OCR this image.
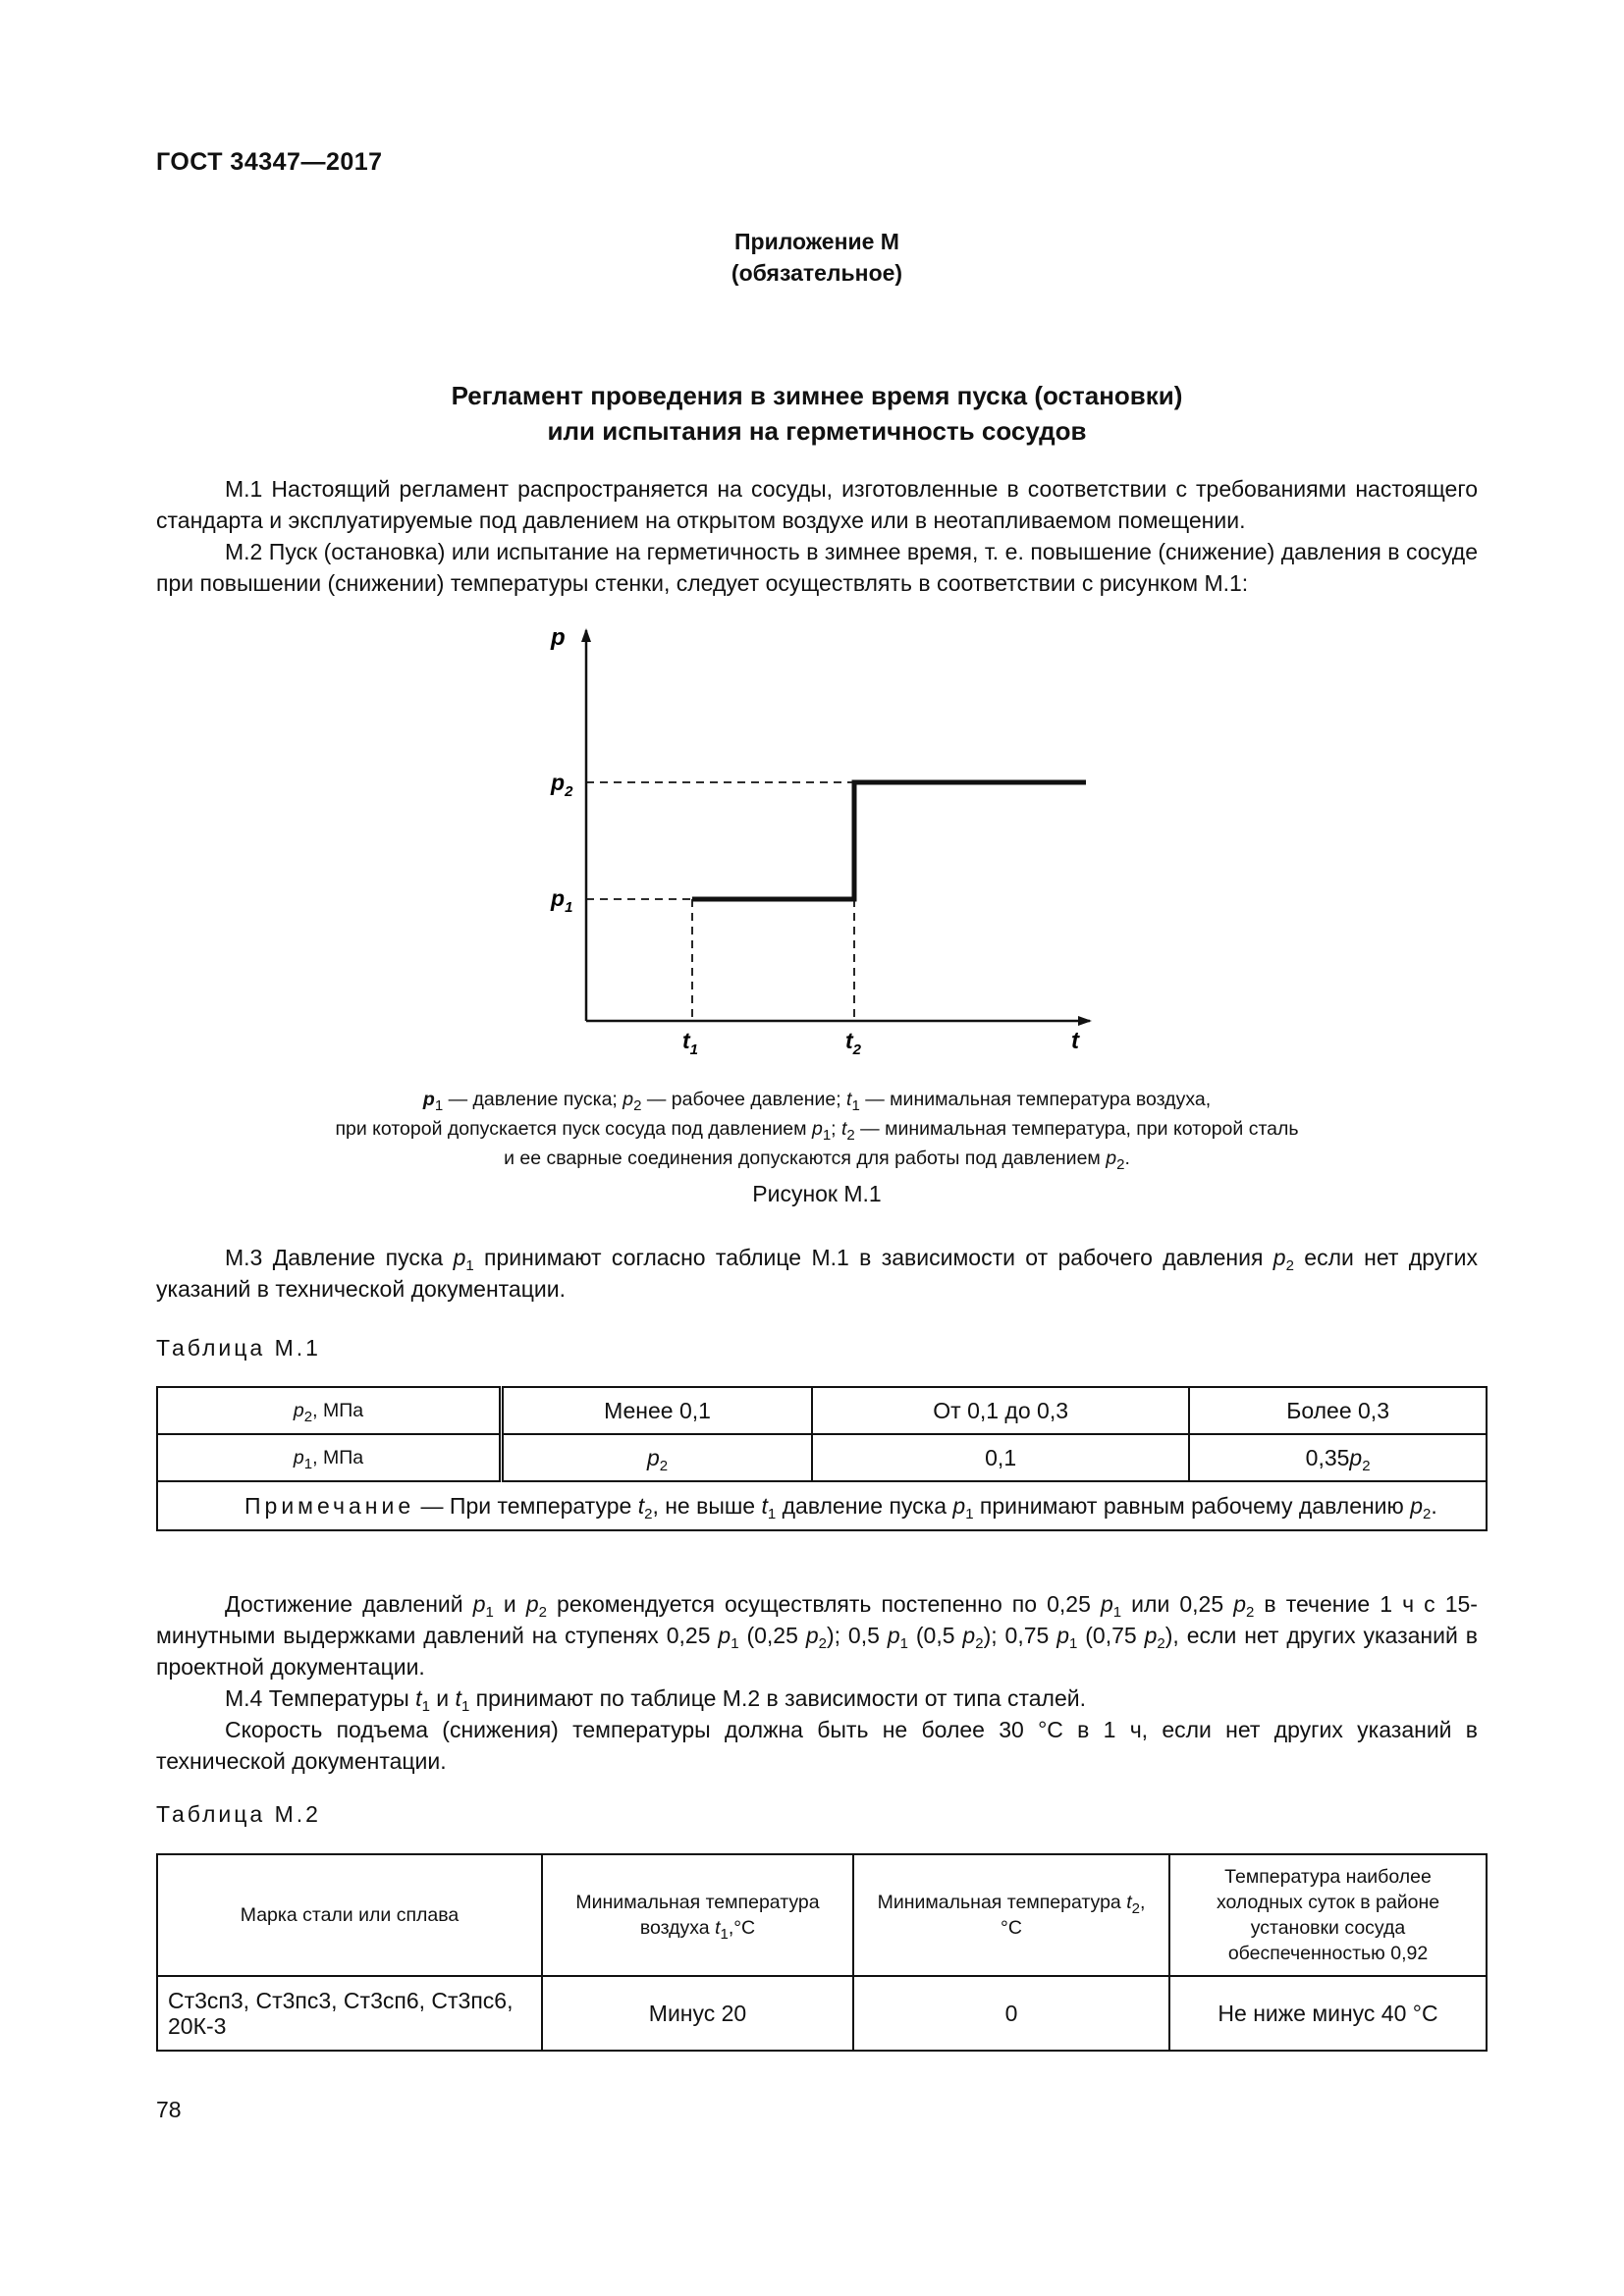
ГОСТ 34347—2017
Приложение М
(обязательное)
Регламент проведения в зимнее время пуска (остановки)
или испытания на герметичность сосудов

М.1 Настоящий регламент распространяется на сосуды, изготовленные в соответствии с требованиями настоящего стандарта и эксплуатируемые под давлением на открытом воздухе или в неотапливаемом помещении.

М.2 Пуск (остановка) или испытание на герметичность в зимнее время, т. е. повышение (снижение) давления в сосуде при повышении (снижении) температуры стенки, следует осуществлять в соответствии с рисунком М.1:

p
$p_2$
$p_1$
$t_1$	$t_2$	t
$p_1$ — давление пуска; $p_2$ — рабочее давление; $t_1$ — минимальная температура воздуха,
при которой допускается пуск сосуда под давлением $p_1$; $t_2$ — минимальная температура, при которой сталь
и ее сварные соединения допускаются для работы под давлением $p_2$.
Рисунок М.1

М.3 Давление пуска $p_1$ принимают согласно таблице М.1 в зависимости от рабочего давления $p_2$ если нет других указаний в технической документации.

Таблица М.1
$p_2$, МПа	Менее 0,1	От 0,1 до 0,3	Более 0,3
$p_1$, МПа	$p_2$	0,1	$0,35p_2$
Примечание — При температуре $t_2$, не выше $t_1$ давление пуска $p_1$ принимают равным рабочему давлению $p_2$.			

Достижение давлений $p_1$ и $p_2$ рекомендуется осуществлять постепенно по 0,25 $p_1$ или 0,25 $p_2$ в течение 1 ч с 15-минутными выдержками давлений на ступенях 0,25 $p_1$ (0,25 $p_2$); 0,5 $p_1$ (0,5 $p_2$); 0,75 $p_1$ (0,75 $p_2$), если нет других указаний в проектной документации.

М.4 Температуры $t_1$ и $t_1$ принимают по таблице М.2 в зависимости от типа сталей.

Скорость подъема (снижения) температуры должна быть не более 30 °С в 1 ч, если нет других указаний в технической документации.

Таблица М.2
Марка стали или сплава	Минимальная температура воздуха $t_1,^\circ С$	Минимальная температура $t_2$, °С	Температура наиболее холодных суток в районе установки сосуда обеспеченностью 0,92
Ст3сп3, Ст3пс3, Ст3сп6, Ст3пс6, 20К-3	Минус 20	0	Не ниже минус 40 °С
78
